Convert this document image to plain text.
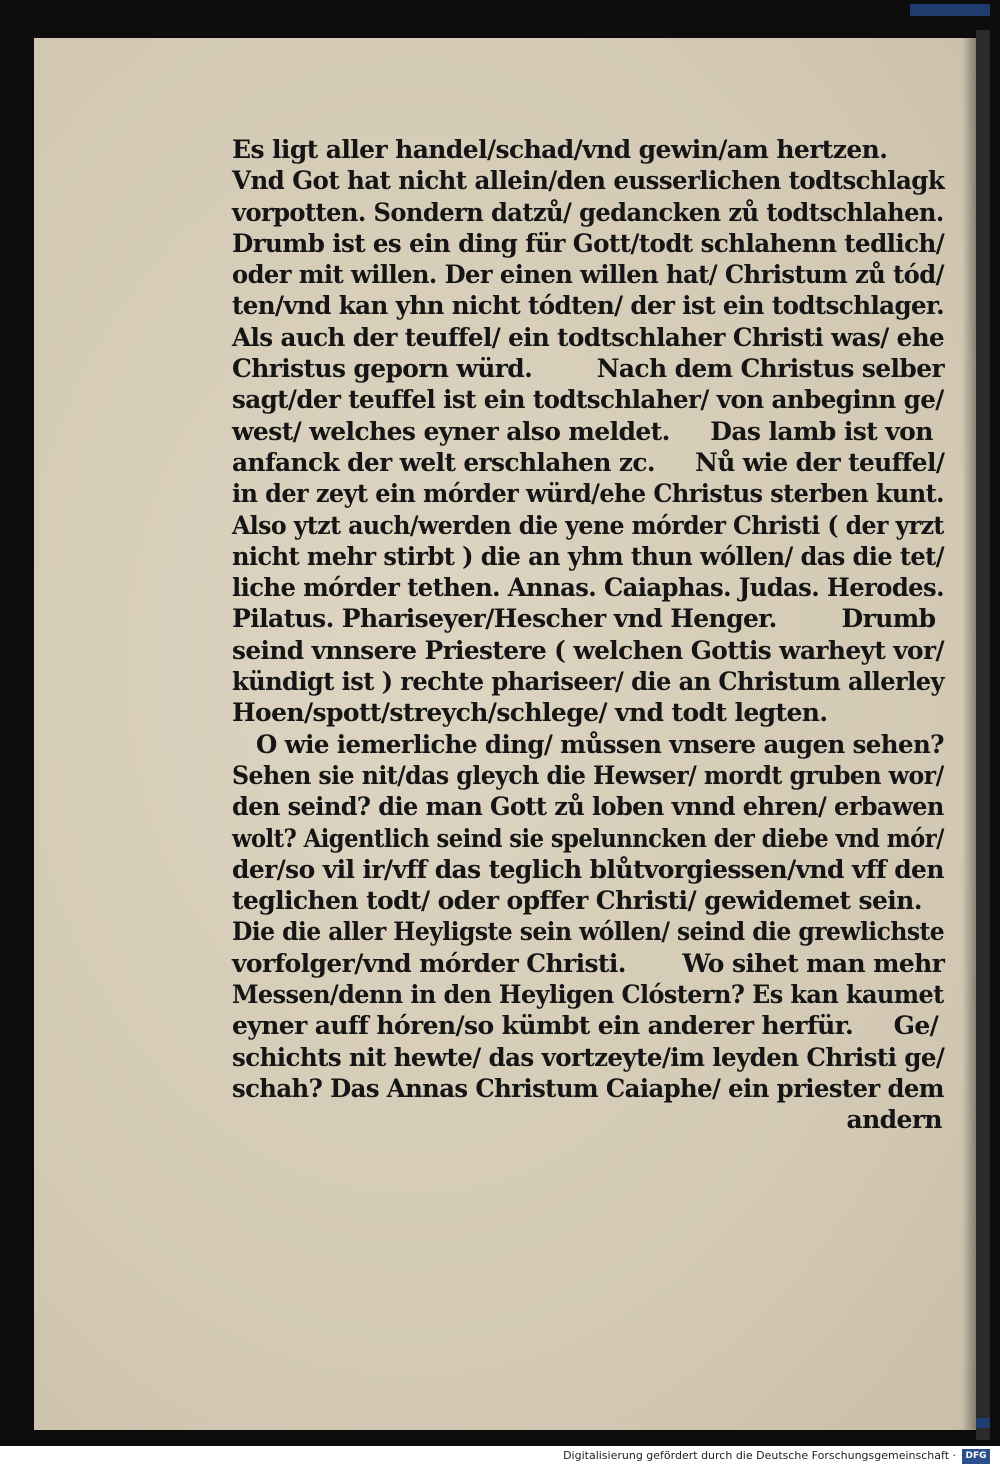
Es ligt aller handel/schad/vnd gewin/am hertzen.
Vnd Got hat nicht allein/den eusserlichen todtschlagk
vorpotten. Sondern datzů/ gedancken zů todtschlahen.
Drumb ist es ein ding für Gott/todt schlahenn tedlich/
oder mit willen. Der einen willen hat/ Christum zů tód/
ten/vnd kan yhn nicht tódten/ der ist ein todtschlager.
Als auch der teuffel/ ein todtschlaher Christi was/ ehe
Christus geporn würd.        Nach dem Christus selber
sagt/der teuffel ist ein todtschlaher/ von anbeginn ge/
west/ welches eyner also meldet.     Das lamb ist von
anfanck der welt erschlahen zc.     Nů wie der teuffel/
in der zeyt ein mórder würd/ehe Christus sterben kunt.
Also ytzt auch/werden die yene mórder Christi ( der yrzt
nicht mehr stirbt ) die an yhm thun wóllen/ das die tet/
liche mórder tethen. Annas. Caiaphas. Judas. Herodes.
Pilatus. Phariseyer/Hescher vnd Henger.        Drumb
seind vnnsere Priestere ( welchen Gottis warheyt vor/
kündigt ist ) rechte phariseer/ die an Christum allerley
Hoen/spott/streych/schlege/ vnd todt legten.
O wie iemerliche ding/ můssen vnsere augen sehen?
Sehen sie nit/das gleych die Hewser/ mordt gruben wor/
den seind? die man Gott zů loben vnnd ehren/ erbawen
wolt? Aigentlich seind sie spelunncken der diebe vnd mór/
der/so vil ir/vff das teglich blůtvorgiessen/vnd vff den
teglichen todt/ oder opffer Christi/ gewidemet sein.
Die die aller Heyligste sein wóllen/ seind die grewlichste
vorfolger/vnd mórder Christi.       Wo sihet man mehr
Messen/denn in den Heyligen Clóstern? Es kan kaumet
eyner auff hóren/so kümbt ein anderer herfür.     Ge/
schichts nit hewte/ das vortzeyte/im leyden Christi ge/
schah? Das Annas Christum Caiaphe/ ein priester dem
andern
Digitalisierung gefördert durch die Deutsche Forschungsgemeinschaft ·	DFG
